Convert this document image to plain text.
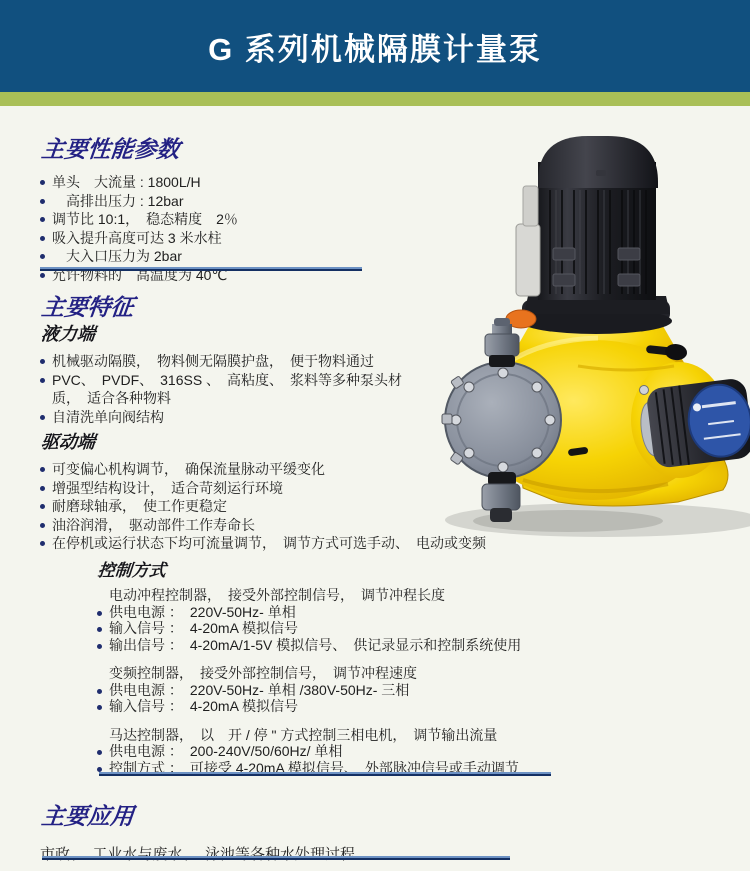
G 系列机械隔膜计量泵
主要性能参数
单头　大流量 : 1800L/H
　高排出压力 : 12bar
调节比 10:1，　稳态精度　2％
吸入提升高度可达 3 米水柱
　大入口压力为 2bar
允许物料的　高温度为 40℃
主要特征
液力端
机械驱动隔膜，　物料侧无隔膜护盘，　便于物料通过
PVC、　PVDF、　316SS 、　高粘度、　浆料等多种泵头材
质，　适合各种物料
自清洗单向阀结构
驱动端
可变偏心机构调节，　确保流量脉动平缓变化
增强型结构设计，　适合苛刻运行环境
耐磨球轴承，　使工作更稳定
油浴润滑，　驱动部件工作寿命长
在停机或运行状态下均可流量调节，　调节方式可选手动、　电动或变频
控制方式
电动冲程控制器，　接受外部控制信号，　调节冲程长度
供电电源 ：　220V-50Hz- 单相
输入信号 ：　4-20mA 模拟信号
输出信号 ：　4-20mA/1-5V 模拟信号、　供记录显示和控制系统使用
变频控制器，　接受外部控制信号，　调节冲程速度
供电电源 ：　220V-50Hz- 单相 /380V-50Hz- 三相
输入信号 ：　4-20mA 模拟信号
马达控制器，　以　开 / 停 " 方式控制三相电机，　调节输出流量
供电电源 ：　200-240V/50/60Hz/ 单相
控制方式 ：　可接受 4-20mA 模拟信号、　外部脉冲信号或手动调节
主要应用
市政、　工业水与废水、　泳池等各种水处理过程
